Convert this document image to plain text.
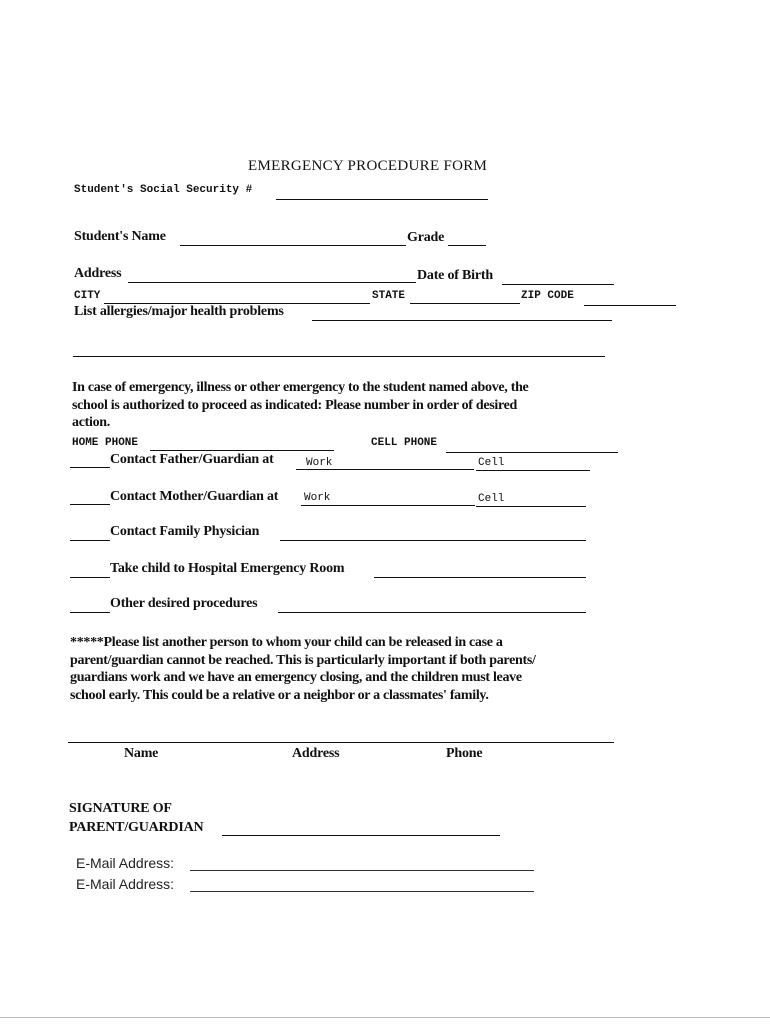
EMERGENCY PROCEDURE FORM
Student's Social Security #
Student's Name	Grade
Address	Date of Birth
CITY	STATE	ZIP CODE
List allergies/major health problems
In case of emergency, illness or other emergency to the student named above, the
school is authorized to proceed as indicated: Please number in order of desired
action.
HOME PHONE	CELL PHONE
Contact Father/Guardian at	Work	Cell
Contact Mother/Guardian at Work	Cell
Contact Family Physician
Take child to Hospital Emergency Room
Other desired procedures
*****Please list another person to whom your child can be released in case a
parent/guardian cannot be reached. This is particularly important if both parents/
guardians work and we have an emergency closing, and the children must leave
school early. This could be a relative or a neighbor or a classmates' family.
Name	Address	Phone
SIGNATURE OF
PARENT/GUARDIAN
E-Mail Address:
E-Mail Address:
